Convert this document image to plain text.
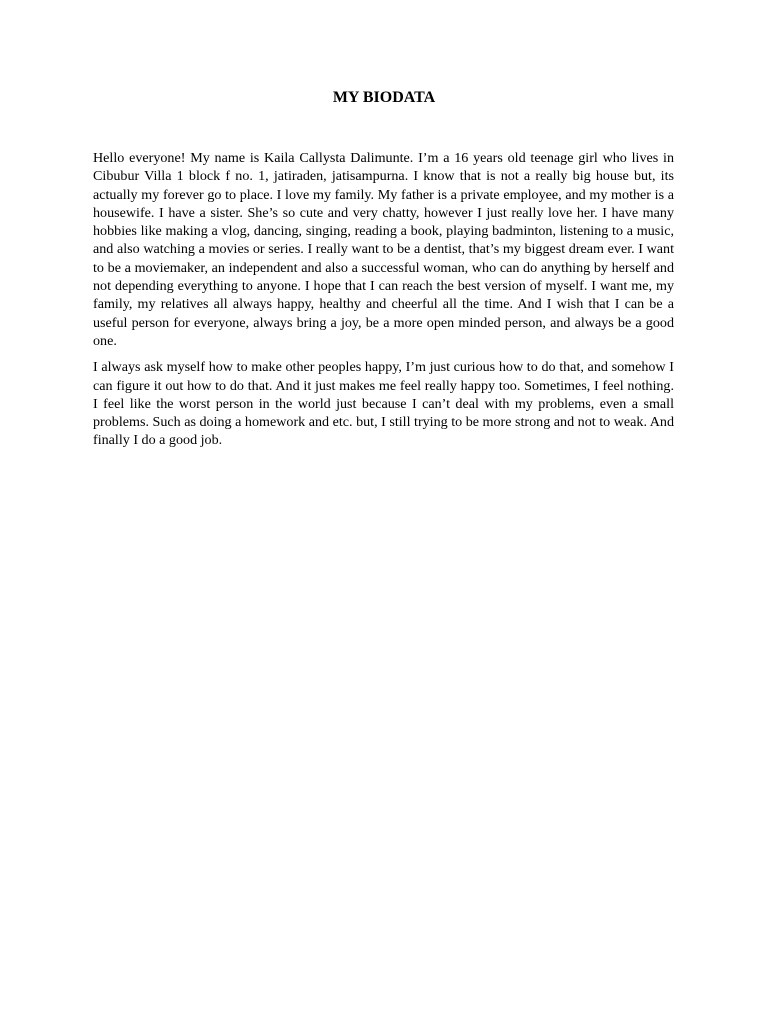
MY BIODATA

Hello everyone! My name is Kaila Callysta Dalimunte. I’m a 16 years old teenage girl who lives in Cibubur Villa 1 block f no. 1, jatiraden, jatisampurna. I know that is not a really big house but, its actually my forever go to place. I love my family. My father is a private employee, and my mother is a housewife. I have a sister. She’s so cute and very chatty, however I just really love her. I have many hobbies like making a vlog, dancing, singing, reading a book, playing badminton, listening to a music, and also watching a movies or series. I really want to be a dentist, that’s my biggest dream ever. I want to be a moviemaker, an independent and also a successful woman, who can do anything by herself and not depending everything to anyone. I hope that I can reach the best version of myself. I want me, my family, my relatives all always happy, healthy and cheerful all the time. And I wish that I can be a useful person for everyone, always bring a joy, be a more open minded person, and always be a good one.

I always ask myself how to make other peoples happy, I’m just curious how to do that, and somehow I can figure it out how to do that. And it just makes me feel really happy too. Sometimes, I feel nothing. I feel like the worst person in the world just because I can’t deal with my problems, even a small problems. Such as doing a homework and etc. but, I still trying to be more strong and not to weak. And finally I do a good job.
